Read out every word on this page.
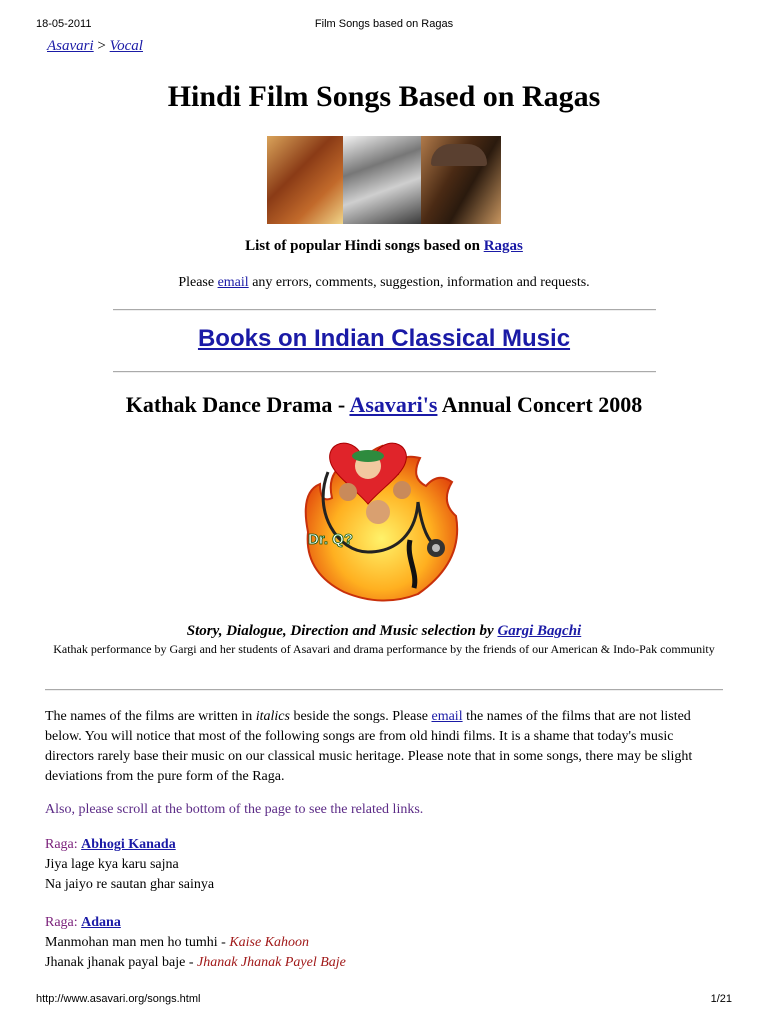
18-05-2011	Film Songs based on Ragas
Asavari > Vocal
Hindi Film Songs Based on Ragas
List of popular Hindi songs based on Ragas
Please email any errors, comments, suggestion, information and requests.
Books on Indian Classical Music
Kathak Dance Drama - Asavari's Annual Concert 2008
Dr. Q?
Story, Dialogue, Direction and Music selection by Gargi Bagchi
Kathak performance by Gargi and her students of Asavari and drama performance by the friends of our American & Indo-Pak community
The names of the films are written in italics beside the songs. Please email the names of the films that are not listed below. You will notice that most of the following songs are from old hindi films. It is a shame that today's music directors rarely base their music on our classical music heritage. Please note that in some songs, there may be slight deviations from the pure form of the Raga.
Also, please scroll at the bottom of the page to see the related links.
Raga: Abhogi Kanada
Jiya lage kya karu sajna
Na jaiyo re sautan ghar sainya
Raga: Adana
Manmohan man men ho tumhi - Kaise Kahoon
Jhanak jhanak payal baje - Jhanak Jhanak Payel Baje
http://www.asavari.org/songs.html	1/21
